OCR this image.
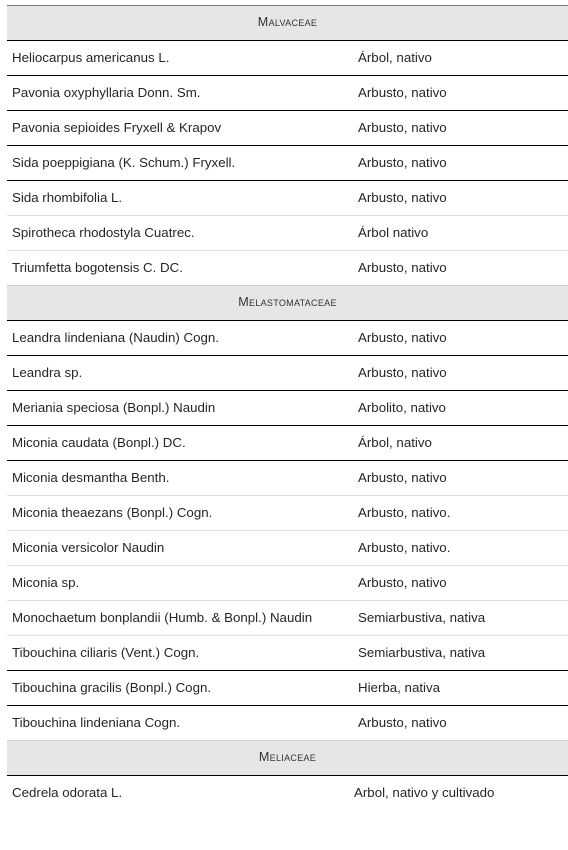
Malvaceae
Heliocarpus americanus L.	Árbol, nativo
Pavonia oxyphyllaria Donn. Sm.	Arbusto, nativo
Pavonia sepioides Fryxell & Krapov	Arbusto, nativo
Sida poeppigiana (K. Schum.) Fryxell.	Arbusto, nativo
Sida rhombifolia L.	Arbusto, nativo
Spirotheca rhodostyla Cuatrec.	Árbol nativo
Triumfetta bogotensis C. DC.	Arbusto, nativo
Melastomataceae
Leandra lindeniana (Naudin) Cogn.	Arbusto, nativo
Leandra sp.	Arbusto, nativo
Meriania speciosa (Bonpl.) Naudin	Arbolito, nativo
Miconia caudata (Bonpl.) DC.	Árbol, nativo
Miconia desmantha Benth.	Arbusto, nativo
Miconia theaezans (Bonpl.) Cogn.	Arbusto, nativo.
Miconia versicolor Naudin	Arbusto, nativo.
Miconia sp.	Arbusto, nativo
Monochaetum bonplandii (Humb. & Bonpl.) Naudin	Semiarbustiva, nativa
Tibouchina ciliaris (Vent.) Cogn.	Semiarbustiva, nativa
Tibouchina gracilis (Bonpl.) Cogn.	Hierba, nativa
Tibouchina lindeniana Cogn.	Arbusto, nativo
Meliaceae
Cedrela odorata L.	Arbol, nativo y cultivado
